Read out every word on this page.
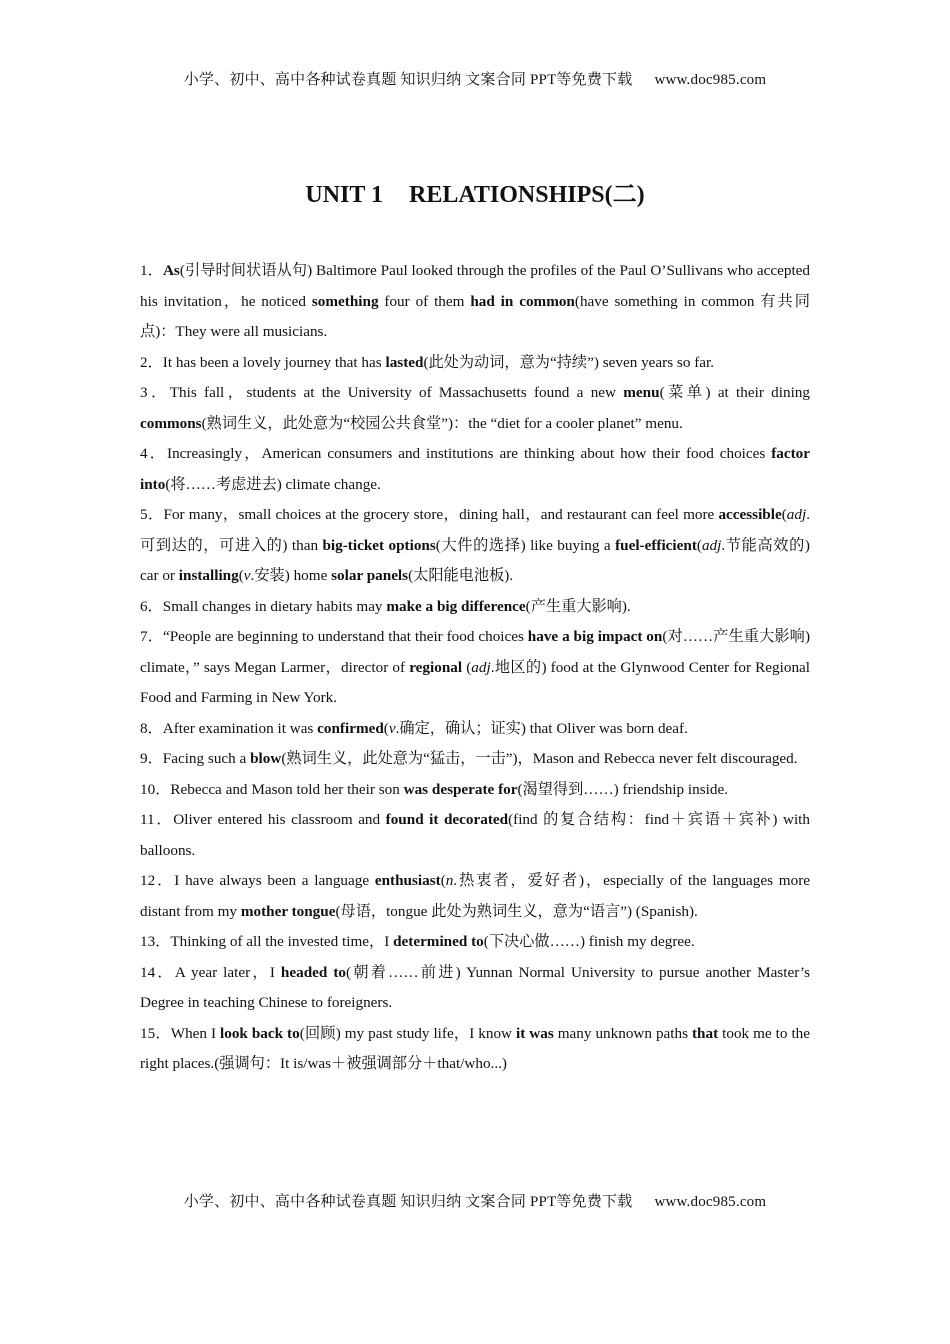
小学、初中、高中各种试卷真题 知识归纳 文案合同 PPT等免费下载 www.doc985.com
UNIT 1 RELATIONSHIPS(二)

1．As(引导时间状语从句) Baltimore Paul looked through the profiles of the Paul O’Sullivans who accepted his invitation，he noticed something four of them had in common(have something in common 有共同点)：They were all musicians.

2．It has been a lovely journey that has lasted(此处为动词，意为“持续”) seven years so far.

3．This fall，students at the University of Massachusetts found a new menu(菜单) at their dining commons(熟词生义，此处意为“校园公共食堂”)：the “diet for a cooler planet” menu.

4．Increasingly，American consumers and institutions are thinking about how their food choices factor into(将……考虑进去) climate change.

5．For many，small choices at the grocery store，dining hall，and restaurant can feel more accessible(adj.可到达的，可进入的) than big-ticket options(大件的选择) like buying a fuel-efficient(adj.节能高效的) car or installing(v.安装) home solar panels(太阳能电池板).

6．Small changes in dietary habits may make a big difference(产生重大影响).

7．“People are beginning to understand that their food choices have a big impact on(对……产生重大影响) climate，” says Megan Larmer，director of regional (adj.地区的) food at the Glynwood Center for Regional Food and Farming in New York.

8．After examination it was confirmed(v.确定，确认；证实) that Oliver was born deaf.

9．Facing such a blow(熟词生义，此处意为“猛击，一击”)，Mason and Rebecca never felt discouraged.

10．Rebecca and Mason told her their son was desperate for(渴望得到……) friendship inside.

11．Oliver entered his classroom and found it decorated(find 的复合结构：find＋宾语＋宾补) with balloons.

12．I have always been a language enthusiast(n.热衷者，爱好者)，especially of the languages more distant from my mother tongue(母语，tongue 此处为熟词生义，意为“语言”) (Spanish).

13．Thinking of all the invested time，I determined to(下决心做……) finish my degree.

14．A year later，I headed to(朝着……前进) Yunnan Normal University to pursue another Master’s Degree in teaching Chinese to foreigners.

15．When I look back to(回顾) my past study life，I know it was many unknown paths that took me to the right places.(强调句：It is/was＋被强调部分＋that/who...)

小学、初中、高中各种试卷真题 知识归纳 文案合同 PPT等免费下载 www.doc985.com
